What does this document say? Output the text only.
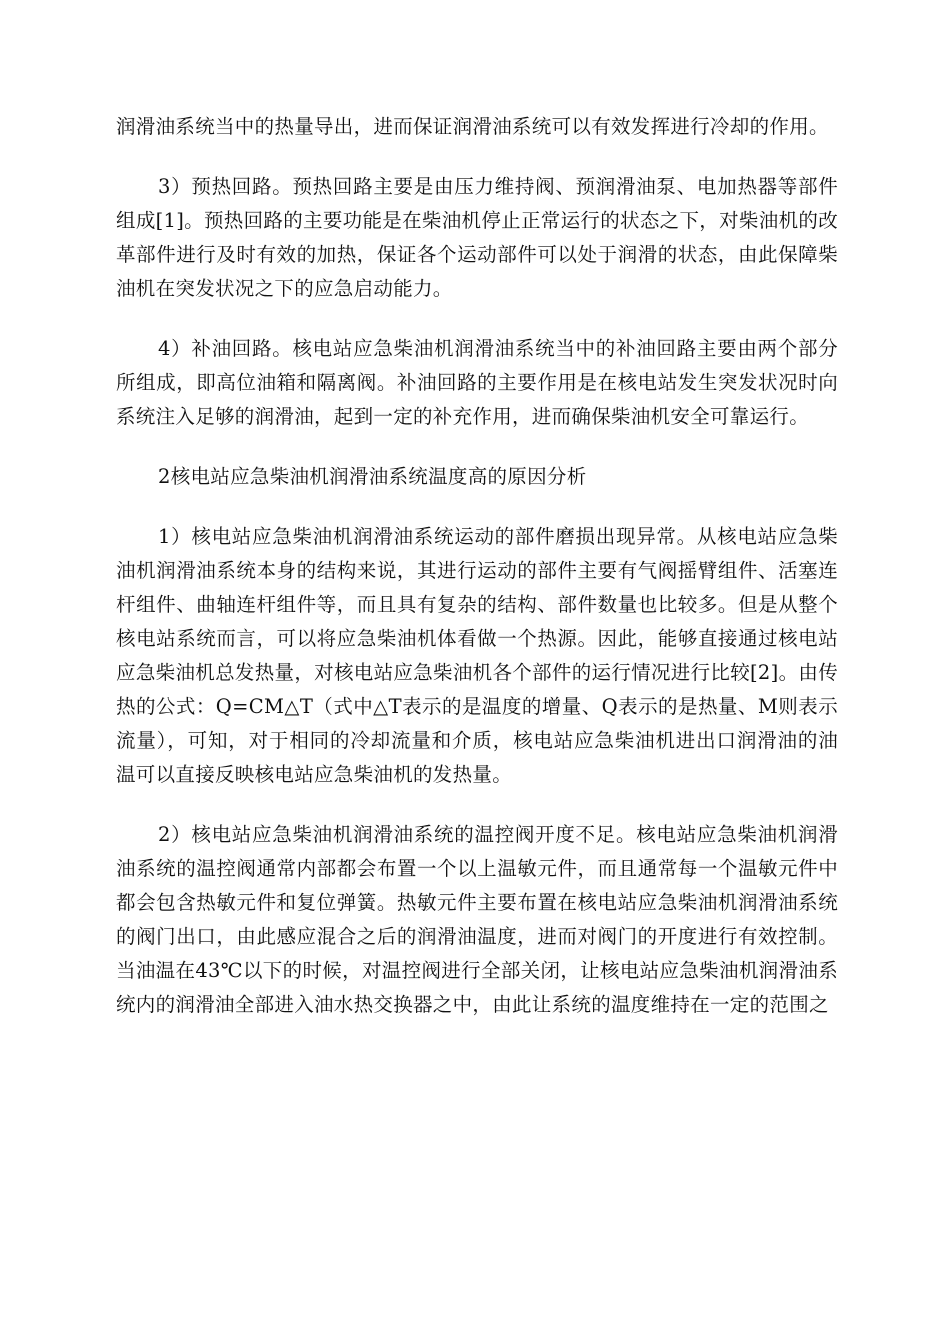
润滑油系统当中的热量导出，进而保证润滑油系统可以有效发挥进行冷却的作用。

3）预热回路。预热回路主要是由压力维持阀、预润滑油泵、电加热器等部件组成[1]。预热回路的主要功能是在柴油机停止正常运行的状态之下，对柴油机的改革部件进行及时有效的加热，保证各个运动部件可以处于润滑的状态，由此保障柴油机在突发状况之下的应急启动能力。

4）补油回路。核电站应急柴油机润滑油系统当中的补油回路主要由两个部分所组成，即高位油箱和隔离阀。补油回路的主要作用是在核电站发生突发状况时向系统注入足够的润滑油，起到一定的补充作用，进而确保柴油机安全可靠运行。

2核电站应急柴油机润滑油系统温度高的原因分析

1）核电站应急柴油机润滑油系统运动的部件磨损出现异常。从核电站应急柴油机润滑油系统本身的结构来说，其进行运动的部件主要有气阀摇臂组件、活塞连杆组件、曲轴连杆组件等，而且具有复杂的结构、部件数量也比较多。但是从整个核电站系统而言，可以将应急柴油机体看做一个热源。因此，能够直接通过核电站应急柴油机总发热量，对核电站应急柴油机各个部件的运行情况进行比较[2]。由传热的公式：Q=CM△T（式中△T表示的是温度的增量、Q表示的是热量、M则表示流量），可知，对于相同的冷却流量和介质，核电站应急柴油机进出口润滑油的油温可以直接反映核电站应急柴油机的发热量。

2）核电站应急柴油机润滑油系统的温控阀开度不足。核电站应急柴油机润滑油系统的温控阀通常内部都会布置一个以上温敏元件，而且通常每一个温敏元件中都会包含热敏元件和复位弹簧。热敏元件主要布置在核电站应急柴油机润滑油系统的阀门出口，由此感应混合之后的润滑油温度，进而对阀门的开度进行有效控制。当油温在43℃以下的时候，对温控阀进行全部关闭，让核电站应急柴油机润滑油系统内的润滑油全部进入油水热交换器之中，由此让系统的温度维持在一定的范围之
